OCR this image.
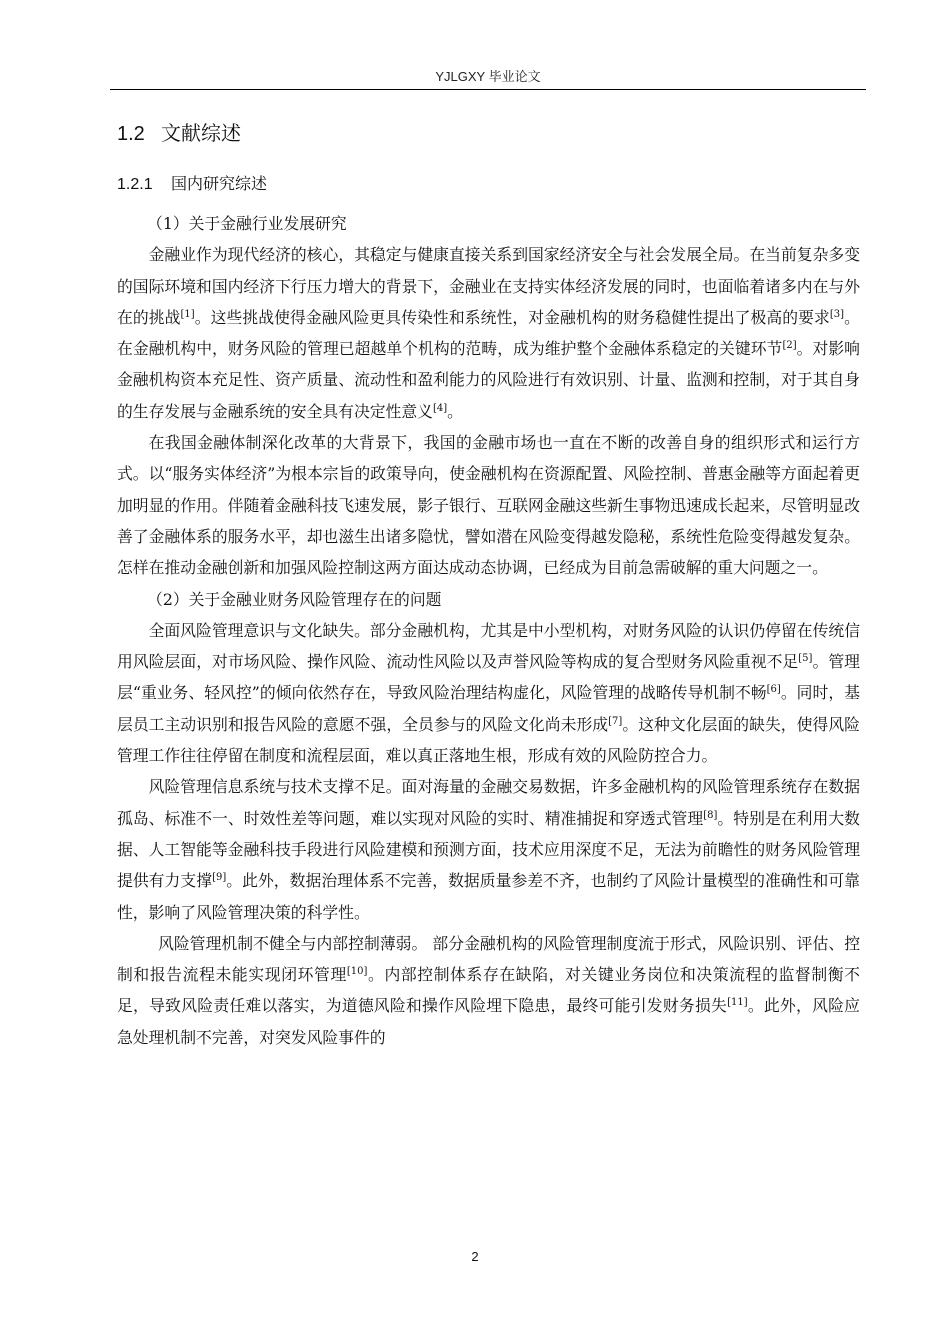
YJLGXY 毕业论文
1.2 文献综述
1.2.1 国内研究综述

（1）关于金融行业发展研究

金融业作为现代经济的核心，其稳定与健康直接关系到国家经济安全与社会发展全局。在当前复杂多变的国际环境和国内经济下行压力增大的背景下，金融业在支持实体经济发展的同时，也面临着诸多内在与外在的挑战[1]。这些挑战使得金融风险更具传染性和系统性，对金融机构的财务稳健性提出了极高的要求[3]。在金融机构中，财务风险的管理已超越单个机构的范畴，成为维护整个金融体系稳定的关键环节[2]。对影响金融机构资本充足性、资产质量、流动性和盈利能力的风险进行有效识别、计量、监测和控制，对于其自身的生存发展与金融系统的安全具有决定性意义[4]。

在我国金融体制深化改革的大背景下，我国的金融市场也一直在不断的改善自身的组织形式和运行方式。以“服务实体经济”为根本宗旨的政策导向，使金融机构在资源配置、风险控制、普惠金融等方面起着更加明显的作用。伴随着金融科技飞速发展，影子银行、互联网金融这些新生事物迅速成长起来，尽管明显改善了金融体系的服务水平，却也滋生出诸多隐忧，譬如潜在风险变得越发隐秘，系统性危险变得越发复杂。怎样在推动金融创新和加强风险控制这两方面达成动态协调，已经成为目前急需破解的重大问题之一。

（2）关于金融业财务风险管理存在的问题

全面风险管理意识与文化缺失。部分金融机构，尤其是中小型机构，对财务风险的认识仍停留在传统信用风险层面，对市场风险、操作风险、流动性风险以及声誉风险等构成的复合型财务风险重视不足[5]。管理层“重业务、轻风控”的倾向依然存在，导致风险治理结构虚化，风险管理的战略传导机制不畅[6]。同时，基层员工主动识别和报告风险的意愿不强，全员参与的风险文化尚未形成[7]。这种文化层面的缺失，使得风险管理工作往往停留在制度和流程层面，难以真正落地生根，形成有效的风险防控合力。

风险管理信息系统与技术支撑不足。面对海量的金融交易数据，许多金融机构的风险管理系统存在数据孤岛、标准不一、时效性差等问题，难以实现对风险的实时、精准捕捉和穿透式管理[8]。特别是在利用大数据、人工智能等金融科技手段进行风险建模和预测方面，技术应用深度不足，无法为前瞻性的财务风险管理提供有力支撑[9]。此外，数据治理体系不完善，数据质量参差不齐，也制约了风险计量模型的准确性和可靠性，影响了风险管理决策的科学性。

风险管理机制不健全与内部控制薄弱。 部分金融机构的风险管理制度流于形式，风险识别、评估、控制和报告流程未能实现闭环管理[10]。内部控制体系存在缺陷，对关键业务岗位和决策流程的监督制衡不足，导致风险责任难以落实，为道德风险和操作风险埋下隐患，最终可能引发财务损失[11]。此外，风险应急处理机制不完善，对突发风险事件的

2
